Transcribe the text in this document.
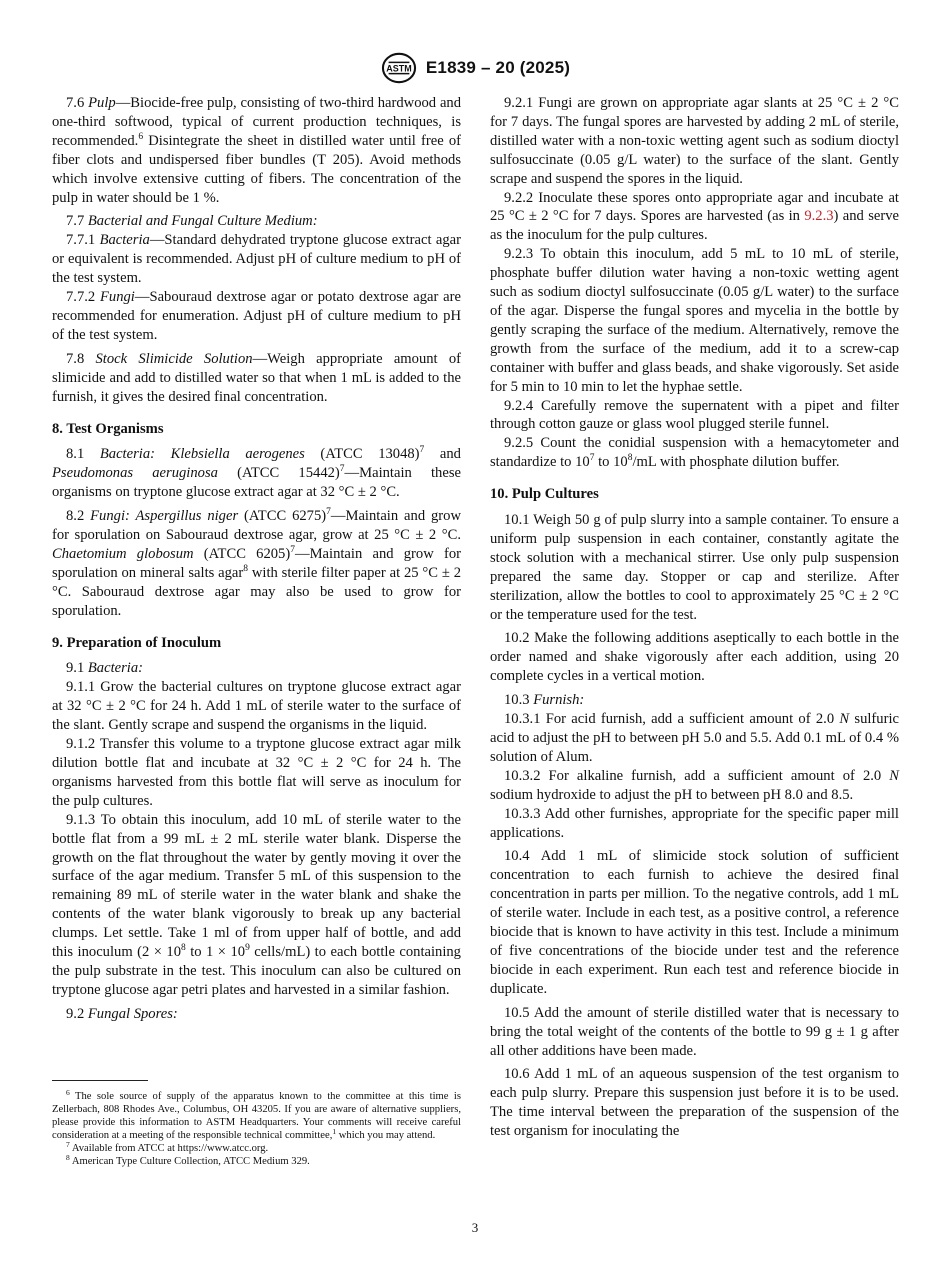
ASTM E1839 – 20 (2025)

7.6 Pulp—Biocide-free pulp, consisting of two-third hardwood and one-third softwood, typical of current production techniques, is recommended.$^6$ Disintegrate the sheet in distilled water until free of fiber clots and undispersed fiber bundles (T 205). Avoid methods which involve extensive cutting of fibers. The concentration of the pulp in water should be 1 %.

7.7 Bacterial and Fungal Culture Medium:

7.7.1 Bacteria—Standard dehydrated tryptone glucose extract agar or equivalent is recommended. Adjust pH of culture medium to pH of the test system.

7.7.2 Fungi—Sabouraud dextrose agar or potato dextrose agar are recommended for enumeration. Adjust pH of culture medium to pH of the test system.

7.8 Stock Slimicide Solution—Weigh appropriate amount of slimicide and add to distilled water so that when 1 mL is added to the furnish, it gives the desired final concentration.

8. Test Organisms

8.1 Bacteria: Klebsiella aerogenes (ATCC 13048)$^7$ and Pseudomonas aeruginosa (ATCC 15442)$^7$—Maintain these organisms on tryptone glucose extract agar at 32 °C ± 2 °C.

8.2 Fungi: Aspergillus niger (ATCC 6275)$^7$—Maintain and grow for sporulation on Sabouraud dextrose agar, grow at 25 °C ± 2 °C. Chaetomium globosum (ATCC 6205)$^7$—Maintain and grow for sporulation on mineral salts agar$^8$ with sterile filter paper at 25 °C ± 2 °C. Sabouraud dextrose agar may also be used to grow for sporulation.

9. Preparation of Inoculum

9.1 Bacteria:

9.1.1 Grow the bacterial cultures on tryptone glucose extract agar at 32 °C ± 2 °C for 24 h. Add 1 mL of sterile water to the surface of the slant. Gently scrape and suspend the organisms in the liquid.

9.1.2 Transfer this volume to a tryptone glucose extract agar milk dilution bottle flat and incubate at 32 °C ± 2 °C for 24 h. The organisms harvested from this bottle flat will serve as inoculum for the pulp cultures.

9.1.3 To obtain this inoculum, add 10 mL of sterile water to the bottle flat from a 99 mL ± 2 mL sterile water blank. Disperse the growth on the flat throughout the water by gently moving it over the surface of the agar medium. Transfer 5 mL of this suspension to the remaining 89 mL of sterile water in the water blank and shake the contents of the water blank vigorously to break up any bacterial clumps. Let settle. Take 1 ml of from upper half of bottle, and add this inoculum ($2 \times 10^8$ to $1 \times 10^9$ cells/mL) to each bottle containing the pulp substrate in the test. This inoculum can also be cultured on tryptone glucose agar petri plates and harvested in a similar fashion.

9.2 Fungal Spores:

9.2.1 Fungi are grown on appropriate agar slants at 25 °C ± 2 °C for 7 days. The fungal spores are harvested by adding 2 mL of sterile, distilled water with a non-toxic wetting agent such as sodium dioctyl sulfosuccinate (0.05 g/L water) to the surface of the slant. Gently scrape and suspend the spores in the liquid.

9.2.2 Inoculate these spores onto appropriate agar and incubate at 25 °C ± 2 °C for 7 days. Spores are harvested (as in 9.2.3) and serve as the inoculum for the pulp cultures.

9.2.3 To obtain this inoculum, add 5 mL to 10 mL of sterile, phosphate buffer dilution water having a non-toxic wetting agent such as sodium dioctyl sulfosuccinate (0.05 g/L water) to the surface of the agar. Disperse the fungal spores and mycelia in the bottle by gently scraping the surface of the medium. Alternatively, remove the growth from the surface of the medium, add it to a screw-cap container with buffer and glass beads, and shake vigorously. Set aside for 5 min to 10 min to let the hyphae settle.

9.2.4 Carefully remove the supernatent with a pipet and filter through cotton gauze or glass wool plugged sterile funnel.

9.2.5 Count the conidial suspension with a hemacytometer and standardize to $10^7$ to $10^8/mL$ with phosphate dilution buffer.

10. Pulp Cultures

10.1 Weigh 50 g of pulp slurry into a sample container. To ensure a uniform pulp suspension in each container, constantly agitate the stock solution with a mechanical stirrer. Use only pulp suspension prepared the same day. Stopper or cap and sterilize. After sterilization, allow the bottles to cool to approximately 25 °C ± 2 °C or the temperature used for the test.

10.2 Make the following additions aseptically to each bottle in the order named and shake vigorously after each addition, using 20 complete cycles in a vertical motion.

10.3 Furnish:

10.3.1 For acid furnish, add a sufficient amount of 2.0 N sulfuric acid to adjust the pH to between pH 5.0 and 5.5. Add 0.1 mL of 0.4 % solution of Alum.

10.3.2 For alkaline furnish, add a sufficient amount of 2.0 N sodium hydroxide to adjust the pH to between pH 8.0 and 8.5.

10.3.3 Add other furnishes, appropriate for the specific paper mill applications.

10.4 Add 1 mL of slimicide stock solution of sufficient concentration to each furnish to achieve the desired final concentration in parts per million. To the negative controls, add 1 mL of sterile water. Include in each test, as a positive control, a reference biocide that is known to have activity in this test. Include a minimum of five concentrations of the biocide under test and the reference biocide in each experiment. Run each test and reference biocide in duplicate.

10.5 Add the amount of sterile distilled water that is necessary to bring the total weight of the contents of the bottle to 99 g ± 1 g after all other additions have been made.

10.6 Add 1 mL of an aqueous suspension of the test organism to each pulp slurry. Prepare this suspension just before it is to be used. The time interval between the preparation of the suspension of the test organism for inoculating the

$^6$ The sole source of supply of the apparatus known to the committee at this time is Zellerbach, 808 Rhodes Ave., Columbus, OH 43205. If you are aware of alternative suppliers, please provide this information to ASTM Headquarters. Your comments will receive careful consideration at a meeting of the responsible technical committee,$^1$ which you may attend.

$^7$ Available from ATCC at https://www.atcc.org.

$^8$ American Type Culture Collection, ATCC Medium 329.

3
